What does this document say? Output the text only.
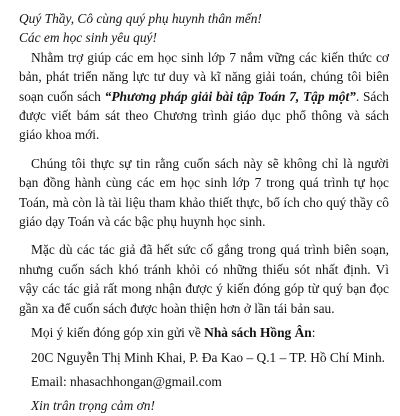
Quý Thầy, Cô cùng quý phụ huynh thân mến!

Các em học sinh yêu quý!

Nhằm trợ giúp các em học sinh lớp 7 nắm vững các kiến thức cơ bản, phát triển năng lực tư duy và kĩ năng giải toán, chúng tôi biên soạn cuốn sách “Phương pháp giải bài tập Toán 7, Tập một”. Sách được viết bám sát theo Chương trình giáo dục phổ thông và sách giáo khoa mới.

Chúng tôi thực sự tin rằng cuốn sách này sẽ không chỉ là người bạn đồng hành cùng các em học sinh lớp 7 trong quá trình tự học Toán, mà còn là tài liệu tham khảo thiết thực, bổ ích cho quý thầy cô giáo dạy Toán và các bậc phụ huynh học sinh.

Mặc dù các tác giả đã hết sức cố gắng trong quá trình biên soạn, nhưng cuốn sách khó tránh khỏi có những thiếu sót nhất định. Vì vậy các tác giả rất mong nhận được ý kiến đóng góp từ quý bạn đọc gần xa để cuốn sách được hoàn thiện hơn ở lần tái bản sau.

Mọi ý kiến đóng góp xin gửi về Nhà sách Hồng Ân:

20C Nguyễn Thị Minh Khai, P. Đa Kao – Q.1 – TP. Hồ Chí Minh.

Email: nhasachhongan@gmail.com

Xin trân trọng cảm ơn!
